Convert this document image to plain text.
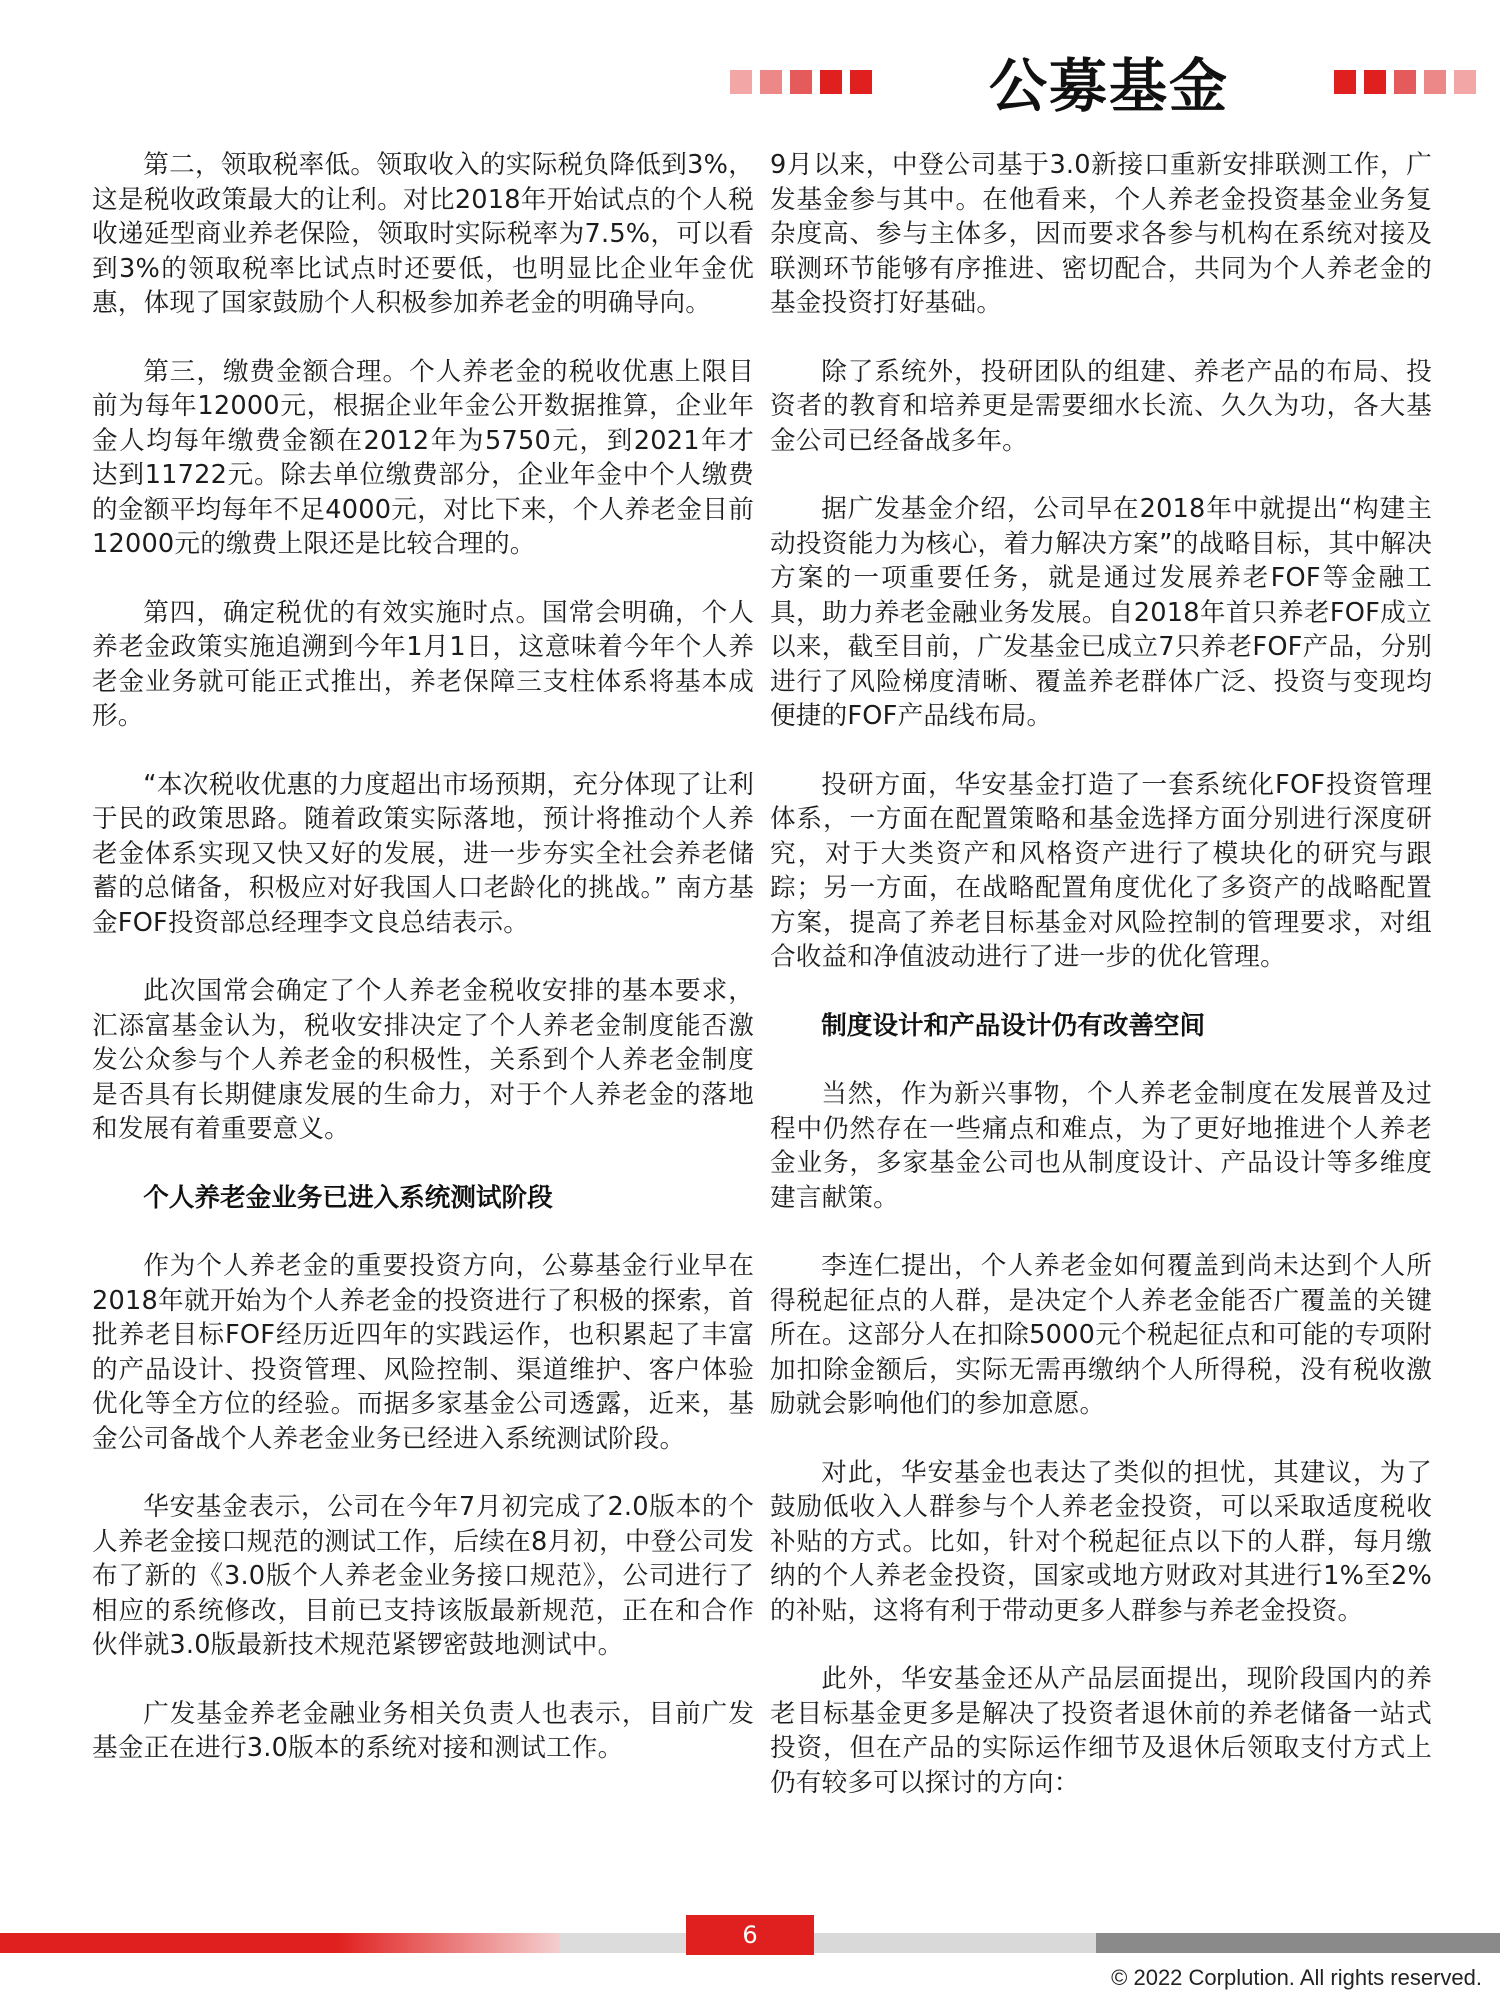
公募基金

第二，领取税率低。领取收入的实际税负降低到3%，这是税收政策最大的让利。对比2018年开始试点的个人税收递延型商业养老保险，领取时实际税率为7.5%，可以看到3%的领取税率比试点时还要低，也明显比企业年金优惠，体现了国家鼓励个人积极参加养老金的明确导向。

第三，缴费金额合理。个人养老金的税收优惠上限目前为每年12000元，根据企业年金公开数据推算，企业年金人均每年缴费金额在2012年为5750元，到2021年才达到11722元。除去单位缴费部分，企业年金中个人缴费的金额平均每年不足4000元，对比下来，个人养老金目前12000元的缴费上限还是比较合理的。

第四，确定税优的有效实施时点。国常会明确，个人养老金政策实施追溯到今年1月1日，这意味着今年个人养老金业务就可能正式推出，养老保障三支柱体系将基本成形。

“本次税收优惠的力度超出市场预期，充分体现了让利于民的政策思路。随着政策实际落地，预计将推动个人养老金体系实现又快又好的发展，进一步夯实全社会养老储蓄的总储备，积极应对好我国人口老龄化的挑战。” 南方基金FOF投资部总经理李文良总结表示。

此次国常会确定了个人养老金税收安排的基本要求，汇添富基金认为，税收安排决定了个人养老金制度能否激发公众参与个人养老金的积极性，关系到个人养老金制度是否具有长期健康发展的生命力，对于个人养老金的落地和发展有着重要意义。

个人养老金业务已进入系统测试阶段

作为个人养老金的重要投资方向，公募基金行业早在2018年就开始为个人养老金的投资进行了积极的探索，首批养老目标FOF经历近四年的实践运作，也积累起了丰富的产品设计、投资管理、风险控制、渠道维护、客户体验优化等全方位的经验。而据多家基金公司透露，近来，基金公司备战个人养老金业务已经进入系统测试阶段。

华安基金表示，公司在今年7月初完成了2.0版本的个人养老金接口规范的测试工作，后续在8月初，中登公司发布了新的《3.0版个人养老金业务接口规范》，公司进行了相应的系统修改，目前已支持该版最新规范，正在和合作伙伴就3.0版最新技术规范紧锣密鼓地测试中。

广发基金养老金融业务相关负责人也表示，目前广发基金正在进行3.0版本的系统对接和测试工作。

9月以来，中登公司基于3.0新接口重新安排联测工作，广发基金参与其中。在他看来，个人养老金投资基金业务复杂度高、参与主体多，因而要求各参与机构在系统对接及联测环节能够有序推进、密切配合，共同为个人养老金的基金投资打好基础。

除了系统外，投研团队的组建、养老产品的布局、投资者的教育和培养更是需要细水长流、久久为功，各大基金公司已经备战多年。

据广发基金介绍，公司早在2018年中就提出“构建主动投资能力为核心，着力解决方案”的战略目标，其中解决方案的一项重要任务，就是通过发展养老FOF等金融工具，助力养老金融业务发展。自2018年首只养老FOF成立以来，截至目前，广发基金已成立7只养老FOF产品，分别进行了风险梯度清晰、覆盖养老群体广泛、投资与变现均便捷的FOF产品线布局。

投研方面，华安基金打造了一套系统化FOF投资管理体系，一方面在配置策略和基金选择方面分别进行深度研究，对于大类资产和风格资产进行了模块化的研究与跟踪；另一方面，在战略配置角度优化了多资产的战略配置方案，提高了养老目标基金对风险控制的管理要求，对组合收益和净值波动进行了进一步的优化管理。

制度设计和产品设计仍有改善空间

当然，作为新兴事物，个人养老金制度在发展普及过程中仍然存在一些痛点和难点，为了更好地推进个人养老金业务，多家基金公司也从制度设计、产品设计等多维度建言献策。

李连仁提出，个人养老金如何覆盖到尚未达到个人所得税起征点的人群，是决定个人养老金能否广覆盖的关键所在。这部分人在扣除5000元个税起征点和可能的专项附加扣除金额后，实际无需再缴纳个人所得税，没有税收激励就会影响他们的参加意愿。

对此，华安基金也表达了类似的担忧，其建议，为了鼓励低收入人群参与个人养老金投资，可以采取适度税收补贴的方式。比如，针对个税起征点以下的人群，每月缴纳的个人养老金投资，国家或地方财政对其进行1%至2%的补贴，这将有利于带动更多人群参与养老金投资。

此外，华安基金还从产品层面提出，现阶段国内的养老目标基金更多是解决了投资者退休前的养老储备一站式投资，但在产品的实际运作细节及退休后领取支付方式上仍有较多可以探讨的方向：

6
© 2022 Corplution. All rights reserved.
